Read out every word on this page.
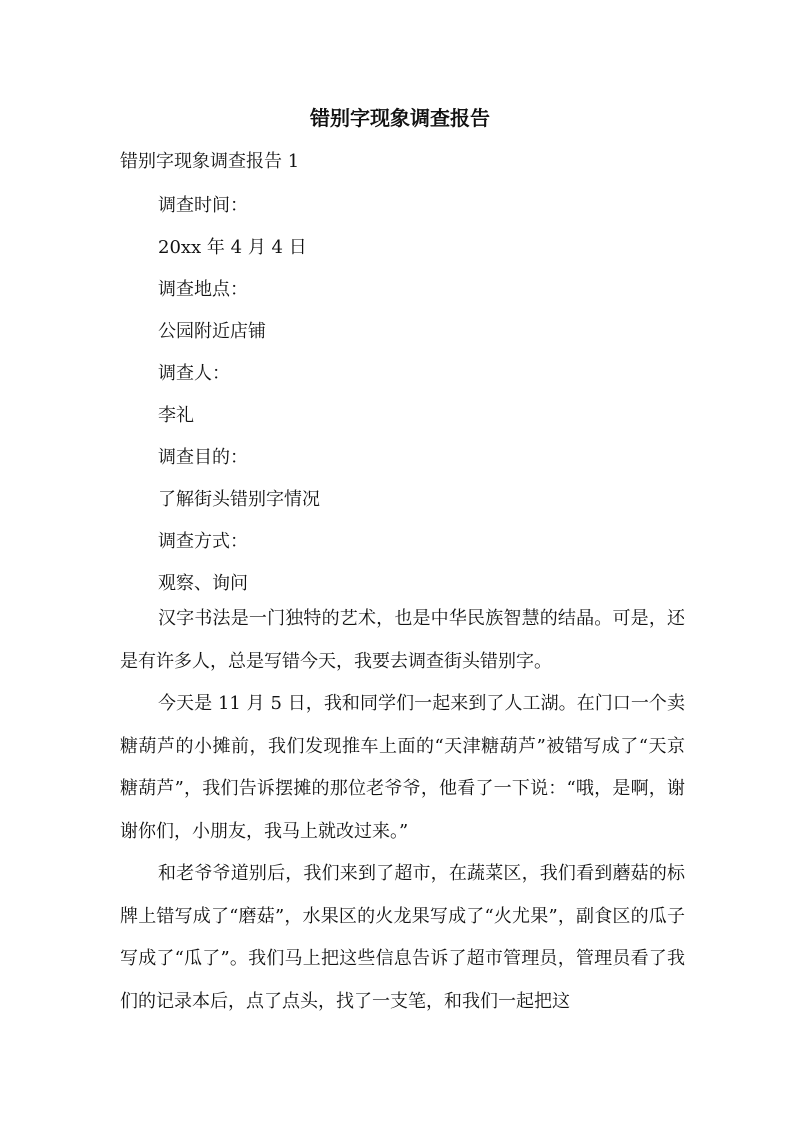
错别字现象调查报告

错别字现象调查报告 1

调查时间：

20xx 年 4 月 4 日

调查地点：

公园附近店铺

调查人：

李礼

调查目的：

了解街头错别字情况

调查方式：

观察、询问

汉字书法是一门独特的艺术，也是中华民族智慧的结晶。可是，还是有许多人，总是写错今天，我要去调查街头错别字。

今天是 11 月 5 日，我和同学们一起来到了人工湖。在门口一个卖糖葫芦的小摊前，我们发现推车上面的“天津糖葫芦”被错写成了“天京糖葫芦”，我们告诉摆摊的那位老爷爷，他看了一下说：“哦，是啊，谢谢你们，小朋友，我马上就改过来。”

和老爷爷道别后，我们来到了超市，在蔬菜区，我们看到蘑菇的标牌上错写成了“磨菇”，水果区的火龙果写成了“火尤果”，副食区的瓜子写成了“瓜了”。我们马上把这些信息告诉了超市管理员，管理员看了我们的记录本后，点了点头，找了一支笔，和我们一起把这
